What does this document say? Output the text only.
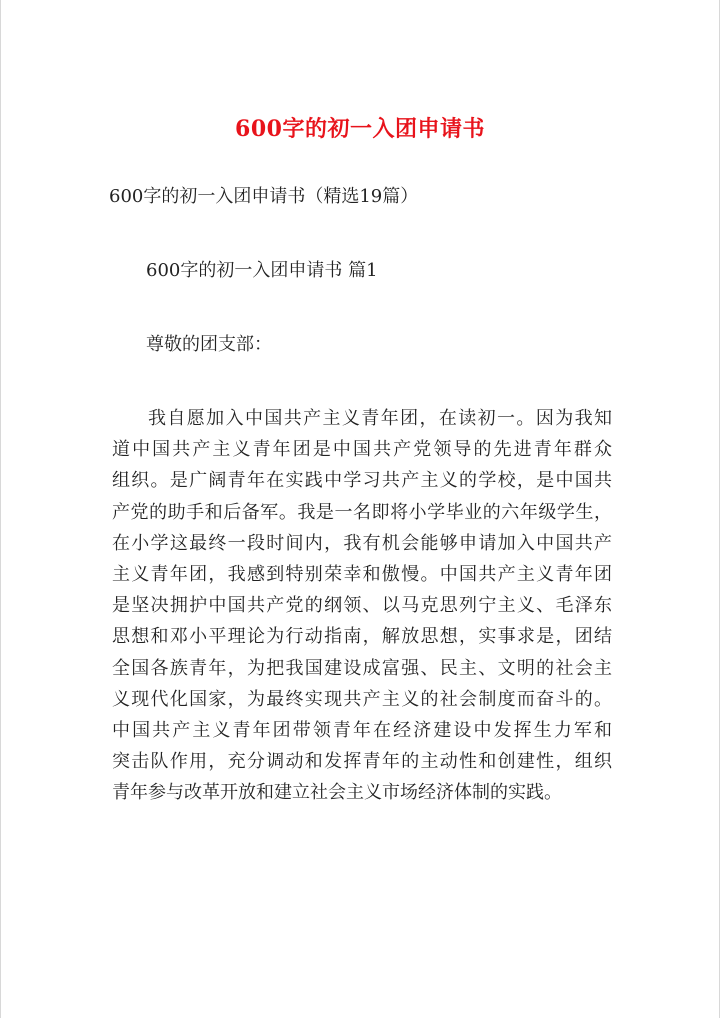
600字的初一入团申请书
600字的初一入团申请书（精选19篇）
600字的初一入团申请书 篇1
尊敬的团支部：
我自愿加入中国共产主义青年团，在读初一。因为我知
道中国共产主义青年团是中国共产党领导的先进青年群众
组织。是广阔青年在实践中学习共产主义的学校，是中国共
产党的助手和后备军。我是一名即将小学毕业的六年级学生，
在小学这最终一段时间内，我有机会能够申请加入中国共产
主义青年团，我感到特别荣幸和傲慢。中国共产主义青年团
是坚决拥护中国共产党的纲领、以马克思列宁主义、毛泽东
思想和邓小平理论为行动指南，解放思想，实事求是，团结
全国各族青年，为把我国建设成富强、民主、文明的社会主
义现代化国家，为最终实现共产主义的社会制度而奋斗的。
中国共产主义青年团带领青年在经济建设中发挥生力军和
突击队作用，充分调动和发挥青年的主动性和创建性，组织
青年参与改革开放和建立社会主义市场经济体制的实践。
